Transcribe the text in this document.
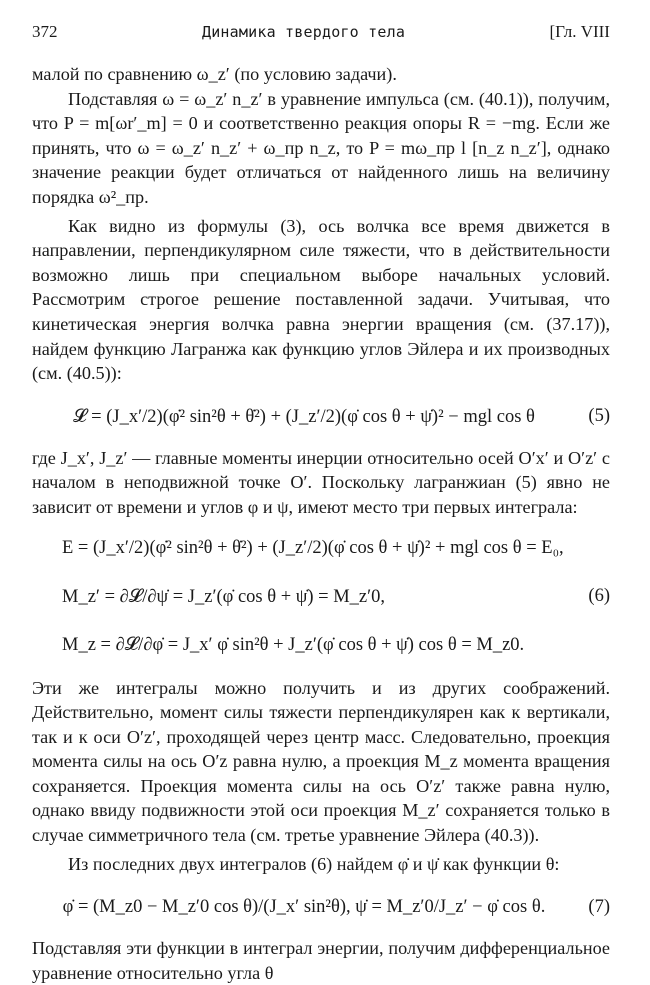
372	Динамика твердого тела	[Гл. VIII

малой по сравнению ω_z′ (по условию задачи).

Подставляя ω = ω_z′ n_z′ в уравнение импульса (см. (40.1)), получим, что P = m[ωr′_m] = 0 и соответственно реакция опоры R = −mg. Если же принять, что ω = ω_z′ n_z′ + ω_пр n_z, то P = mω_пр l [n_z n_z′], однако значение реакции будет отличаться от найденного лишь на величину порядка ω²_пр.

Как видно из формулы (3), ось волчка все время движется в направлении, перпендикулярном силе тяжести, что в действительности возможно лишь при специальном выборе начальных условий. Рассмотрим строгое решение поставленной задачи. Учитывая, что кинетическая энергия волчка равна энергии вращения (см. (37.17)), найдем функцию Лагранжа как функцию углов Эйлера и их производных (см. (40.5)):

𝓛 = (J_x′/2)(φ̇² sin²θ + θ̇²) + (J_z′/2)(φ̇ cos θ + ψ̇)² − mgl cos θ	(5)

где J_x′, J_z′ — главные моменты инерции относительно осей O′x′ и O′z′ с началом в неподвижной точке O′. Поскольку лагранжиан (5) явно не зависит от времени и углов φ и ψ, имеют место три первых интеграла:

E = (J_x′/2)(φ̇² sin²θ + θ̇²) + (J_z′/2)(φ̇ cos θ + ψ̇)² + mgl cos θ = E₀,
M_z′ = ∂𝓛/∂ψ̇ = J_z′(φ̇ cos θ + ψ̇) = M_z′0,	(6)
M_z = ∂𝓛/∂φ̇ = J_x′ φ̇ sin²θ + J_z′(φ̇ cos θ + ψ̇) cos θ = M_z0.

Эти же интегралы можно получить и из других соображений. Действительно, момент силы тяжести перпендикулярен как к вертикали, так и к оси O′z′, проходящей через центр масс. Следовательно, проекция момента силы на ось O′z равна нулю, а проекция M_z момента вращения сохраняется. Проекция момента силы на ось O′z′ также равна нулю, однако ввиду подвижности этой оси проекция M_z′ сохраняется только в случае симметричного тела (см. третье уравнение Эйлера (40.3)).

Из последних двух интегралов (6) найдем φ̇ и ψ̇ как функции θ:

φ̇ = (M_z0 − M_z′0 cos θ)/(J_x′ sin²θ), ψ̇ = M_z′0/J_z′ − φ̇ cos θ.	(7)

Подставляя эти функции в интеграл энергии, получим дифференциальное уравнение относительно угла θ
